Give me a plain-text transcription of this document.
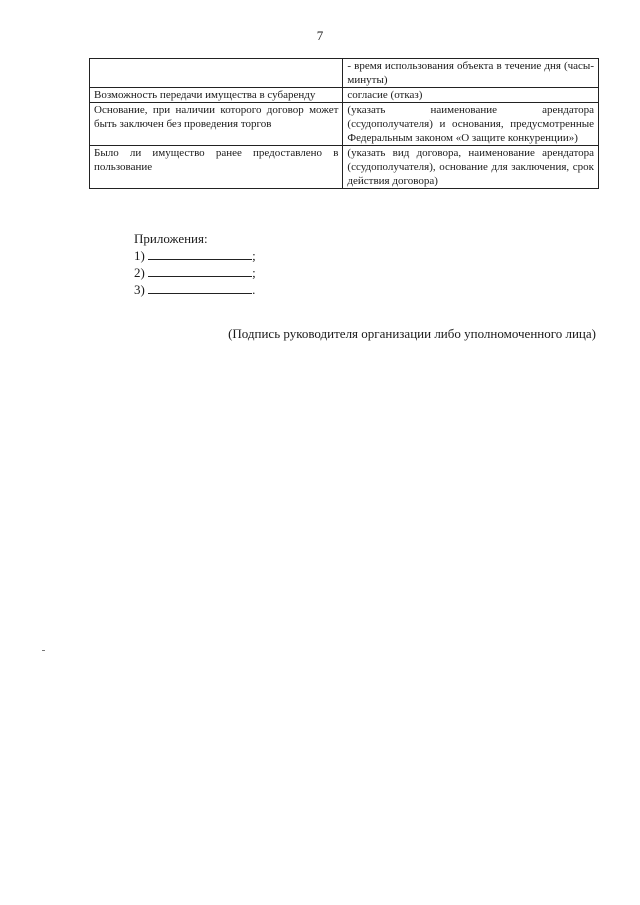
7

	- время использования объекта в течение дня (часы-минуты)

Возможность передачи имущества в субаренду	согласие (отказ)

Основание, при наличии которого договор может быть заключен без проведения торгов	(указать наименование арендатора (ссудополучателя) и основания, предусмотренные Федеральным законом «О защите конкуренции»)

Было ли имущество ранее предоставлено в пользование	(указать вид договора, наименование арендатора (ссудополучателя), основание для заключения, срок действия договора)
Приложения:
1)	;
2)	;
3)	.
(Подпись руководителя организации либо уполномоченного лица)
